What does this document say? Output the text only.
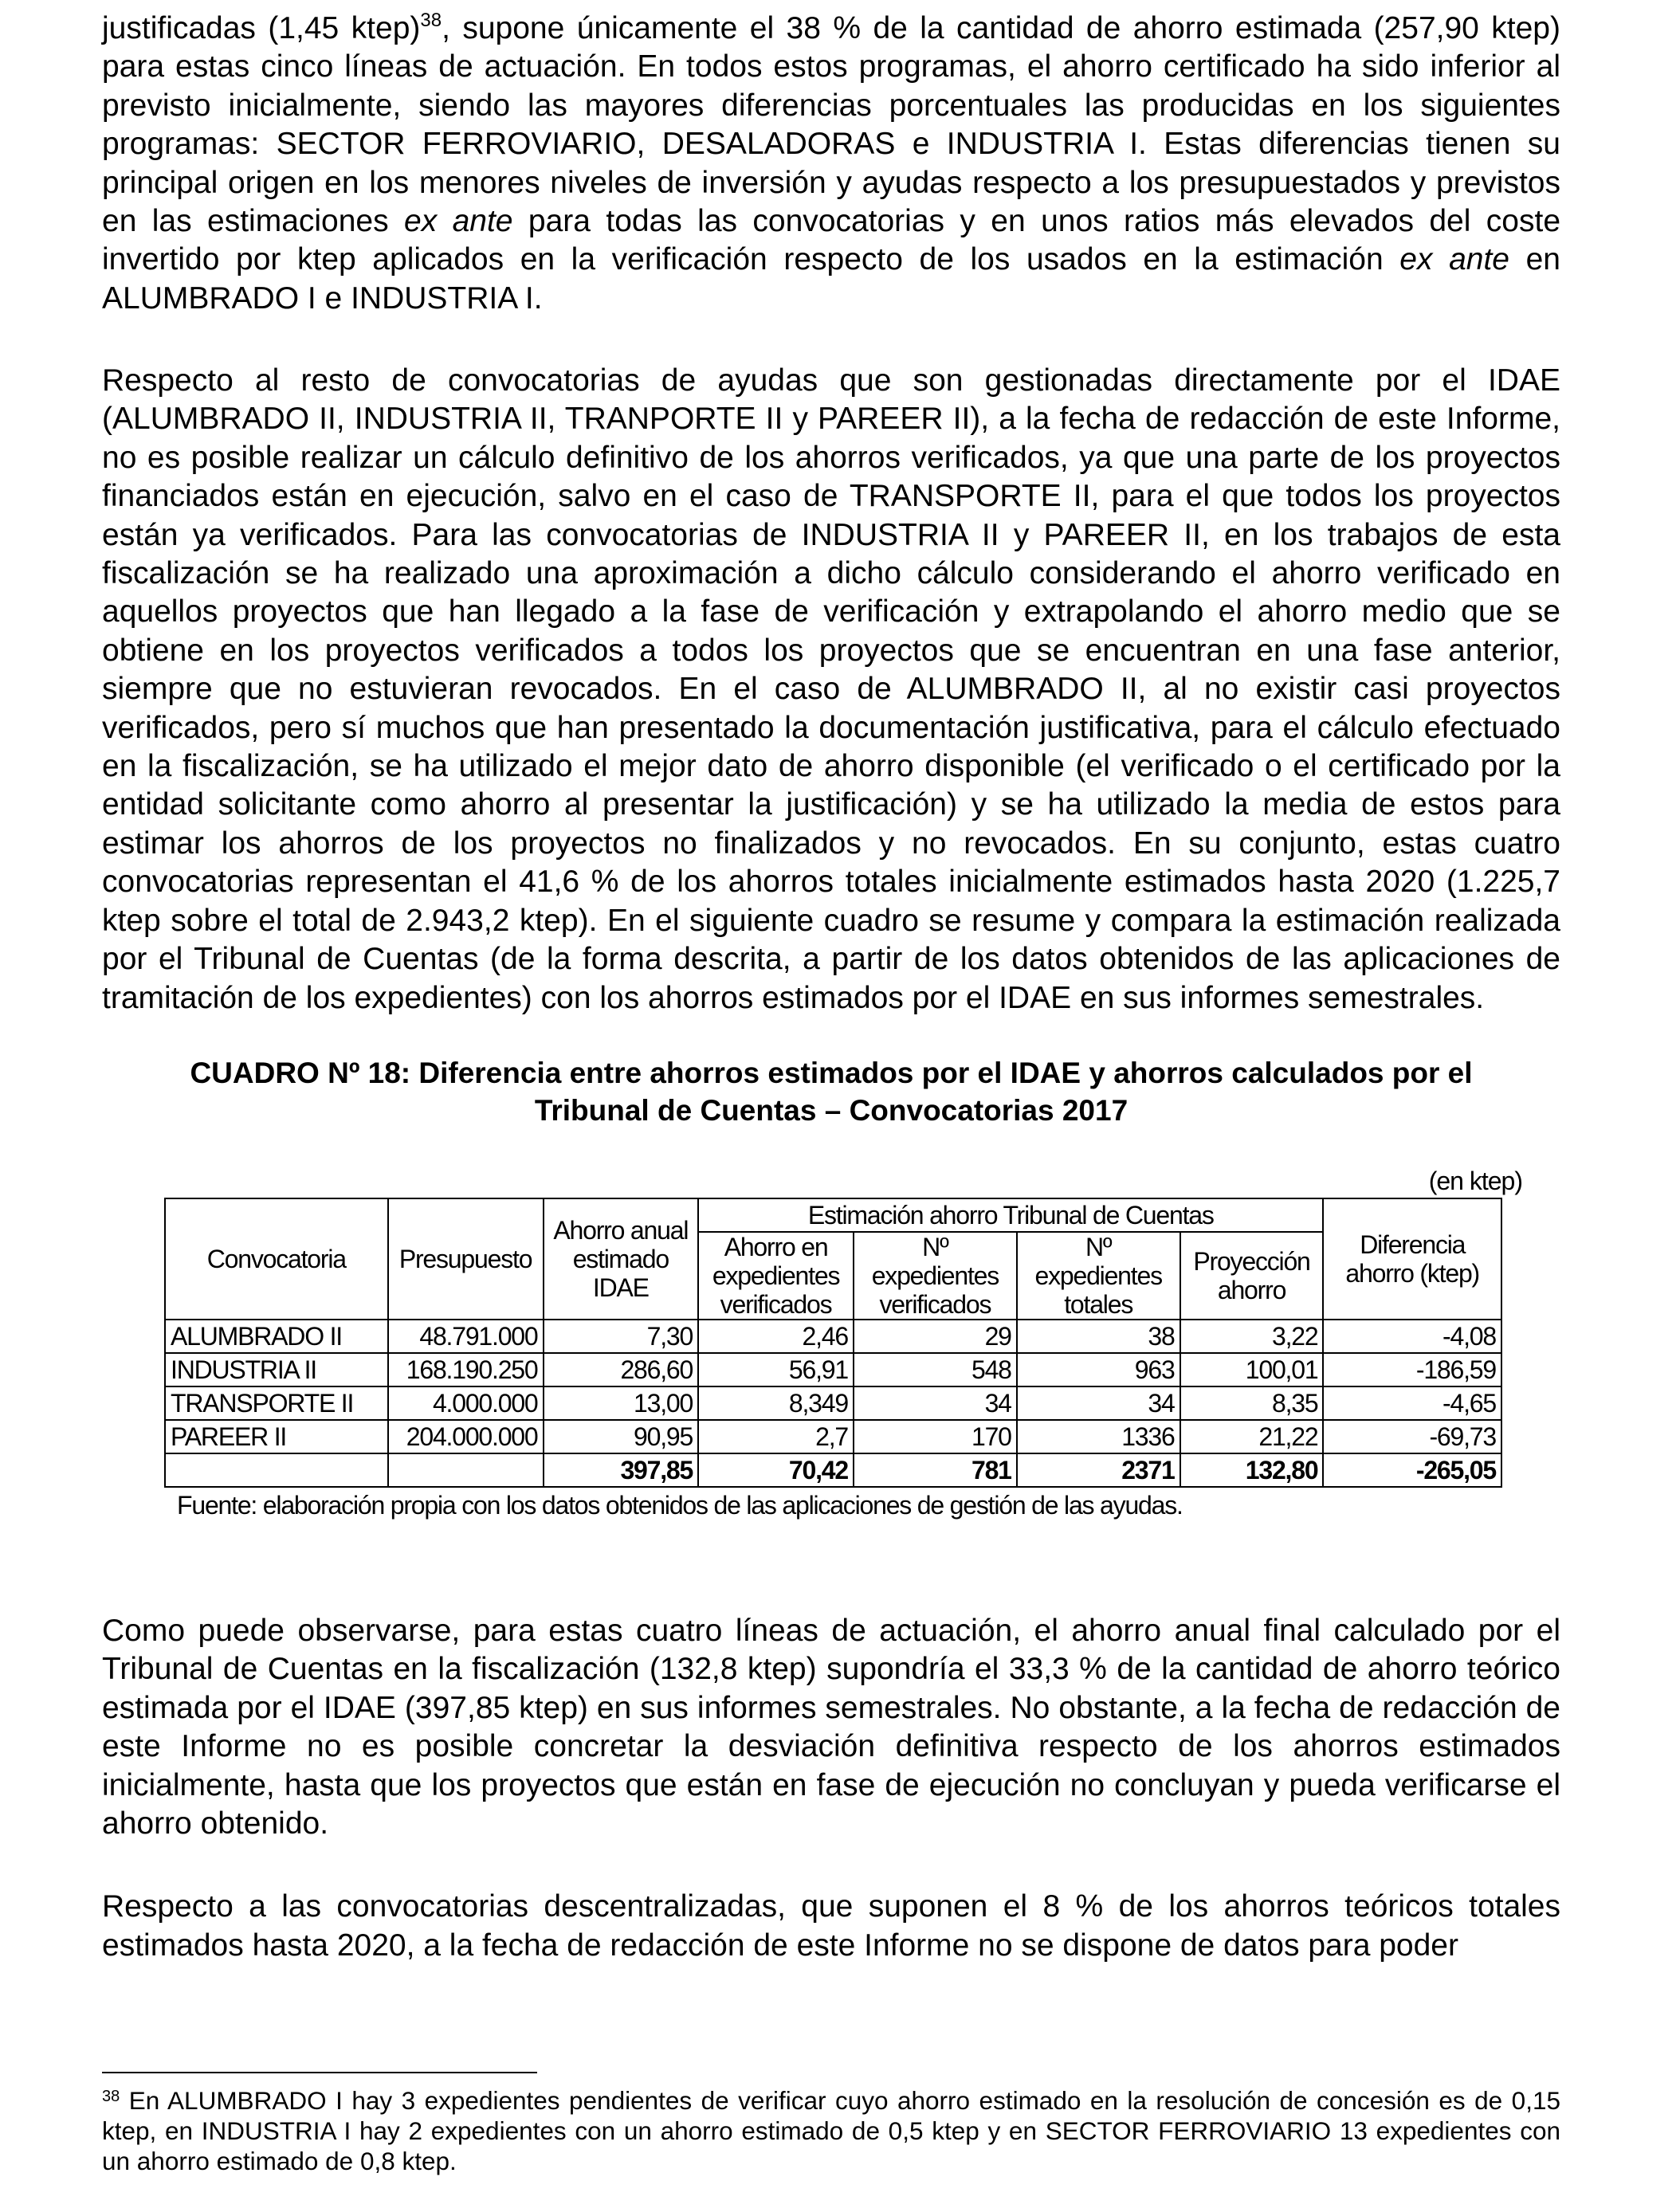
justificadas (1,45 ktep)$^{38}$, supone únicamente el 38 % de la cantidad de ahorro estimada (257,90 ktep) para estas cinco líneas de actuación. En todos estos programas, el ahorro certificado ha sido inferior al previsto inicialmente, siendo las mayores diferencias porcentuales las producidas en los siguientes programas: SECTOR FERROVIARIO, DESALADORAS e INDUSTRIA I. Estas diferencias tienen su principal origen en los menores niveles de inversión y ayudas respecto a los presupuestados y previstos en las estimaciones ex ante para todas las convocatorias y en unos ratios más elevados del coste invertido por ktep aplicados en la verificación respecto de los usados en la estimación ex ante en ALUMBRADO I e INDUSTRIA I.

Respecto al resto de convocatorias de ayudas que son gestionadas directamente por el IDAE (ALUMBRADO II, INDUSTRIA II, TRANPORTE II y PAREER II), a la fecha de redacción de este Informe, no es posible realizar un cálculo definitivo de los ahorros verificados, ya que una parte de los proyectos financiados están en ejecución, salvo en el caso de TRANSPORTE II, para el que todos los proyectos están ya verificados. Para las convocatorias de INDUSTRIA II y PAREER II, en los trabajos de esta fiscalización se ha realizado una aproximación a dicho cálculo considerando el ahorro verificado en aquellos proyectos que han llegado a la fase de verificación y extrapolando el ahorro medio que se obtiene en los proyectos verificados a todos los proyectos que se encuentran en una fase anterior, siempre que no estuvieran revocados. En el caso de ALUMBRADO II, al no existir casi proyectos verificados, pero sí muchos que han presentado la documentación justificativa, para el cálculo efectuado en la fiscalización, se ha utilizado el mejor dato de ahorro disponible (el verificado o el certificado por la entidad solicitante como ahorro al presentar la justificación) y se ha utilizado la media de estos para estimar los ahorros de los proyectos no finalizados y no revocados. En su conjunto, estas cuatro convocatorias representan el 41,6 % de los ahorros totales inicialmente estimados hasta 2020 (1.225,7 ktep sobre el total de 2.943,2 ktep). En el siguiente cuadro se resume y compara la estimación realizada por el Tribunal de Cuentas (de la forma descrita, a partir de los datos obtenidos de las aplicaciones de tramitación de los expedientes) con los ahorros estimados por el IDAE en sus informes semestrales.

CUADRO Nº 18: Diferencia entre ahorros estimados por el IDAE y ahorros calculados por el
Tribunal de Cuentas – Convocatorias 2017
(en ktep)
Convocatoria	Presupuesto	Ahorro anual estimado IDAE	Estimación ahorro Tribunal de Cuentas				Diferencia ahorro (ktep)
			Ahorro en expedientes verificados	Nº expedientes verificados	Nº expedientes totales	Proyección ahorro	
ALUMBRADO II	48.791.000	7,30	2,46	29	38	3,22	-4,08
INDUSTRIA II	168.190.250	286,60	56,91	548	963	100,01	-186,59
TRANSPORTE II	4.000.000	13,00	8,349	34	34	8,35	-4,65
PAREER II	204.000.000	90,95	2,7	170	1336	21,22	-69,73
		397,85	70,42	781	2371	132,80	-265,05
Fuente: elaboración propia con los datos obtenidos de las aplicaciones de gestión de las ayudas.

Como puede observarse, para estas cuatro líneas de actuación, el ahorro anual final calculado por el Tribunal de Cuentas en la fiscalización (132,8 ktep) supondría el 33,3 % de la cantidad de ahorro teórico estimada por el IDAE (397,85 ktep) en sus informes semestrales. No obstante, a la fecha de redacción de este Informe no es posible concretar la desviación definitiva respecto de los ahorros estimados inicialmente, hasta que los proyectos que están en fase de ejecución no concluyan y pueda verificarse el ahorro obtenido.

Respecto a las convocatorias descentralizadas, que suponen el 8 % de los ahorros teóricos totales estimados hasta 2020, a la fecha de redacción de este Informe no se dispone de datos para poder

$^{38}$ En ALUMBRADO I hay 3 expedientes pendientes de verificar cuyo ahorro estimado en la resolución de concesión es de 0,15 ktep, en INDUSTRIA I hay 2 expedientes con un ahorro estimado de 0,5 ktep y en SECTOR FERROVIARIO 13 expedientes con un ahorro estimado de 0,8 ktep.
